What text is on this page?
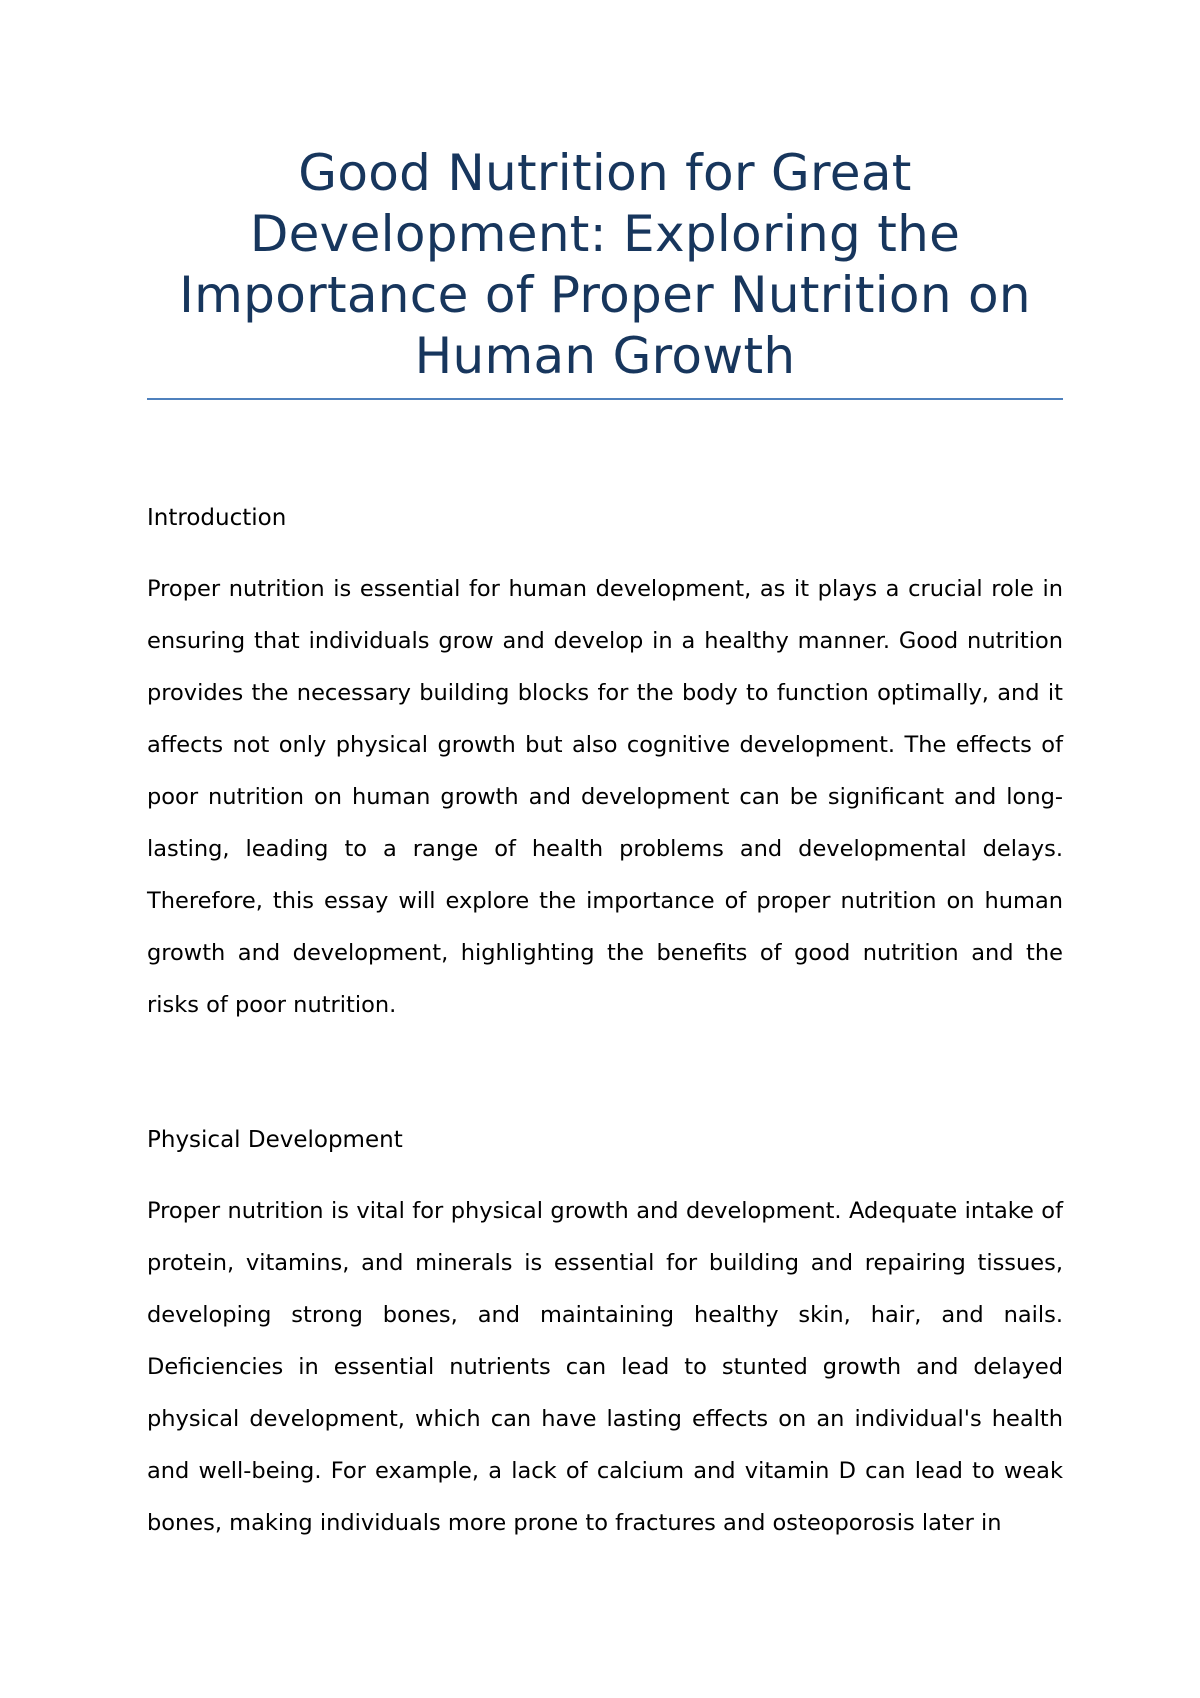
Good Nutrition for Great Development: Exploring the Importance of Proper Nutrition on Human Growth
Introduction

Proper nutrition is essential for human development, as it plays a crucial role in ensuring that individuals grow and develop in a healthy manner. Good nutrition provides the necessary building blocks for the body to function optimally, and it affects not only physical growth but also cognitive development. The effects of poor nutrition on human growth and development can be significant and long-lasting, leading to a range of health problems and developmental delays. Therefore, this essay will explore the importance of proper nutrition on human growth and development, highlighting the benefits of good nutrition and the risks of poor nutrition.

Physical Development

Proper nutrition is vital for physical growth and development. Adequate intake of protein, vitamins, and minerals is essential for building and repairing tissues, developing strong bones, and maintaining healthy skin, hair, and nails. Deficiencies in essential nutrients can lead to stunted growth and delayed physical development, which can have lasting effects on an individual's health and well-being. For example, a lack of calcium and vitamin D can lead to weak bones, making individuals more prone to fractures and osteoporosis later in
